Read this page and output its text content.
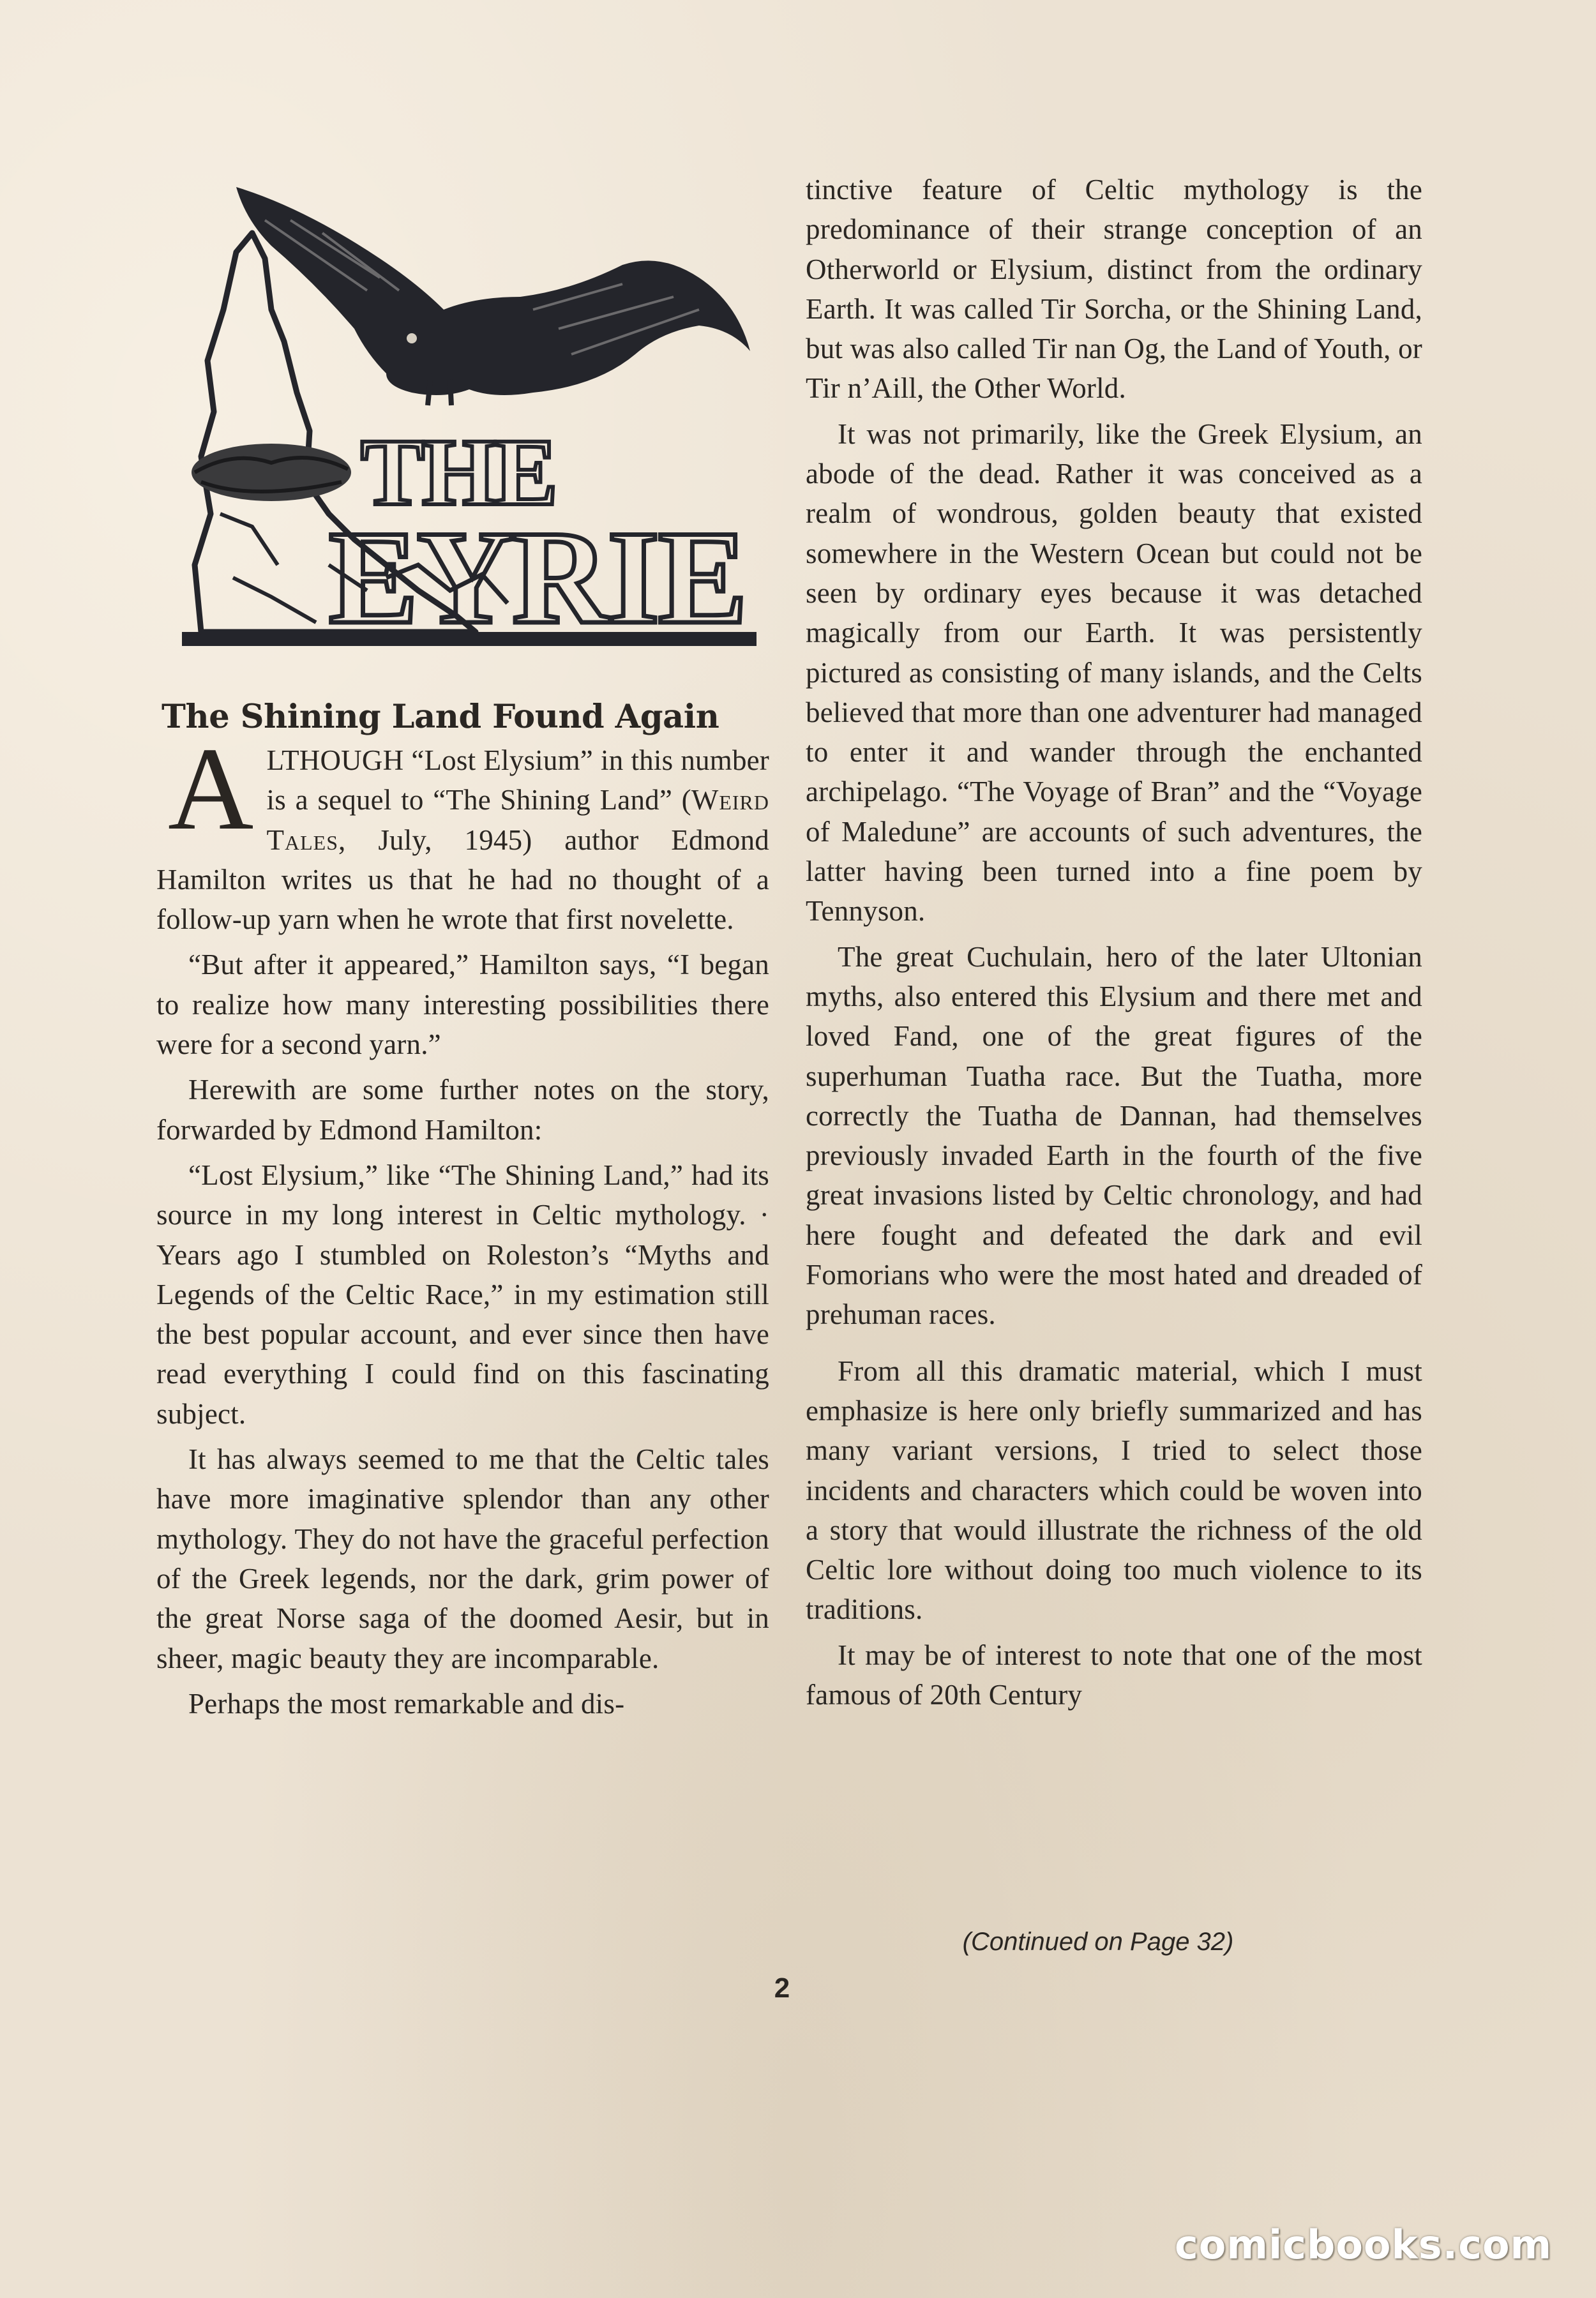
THE
EYRIE
The Shining Land Found Again

ALTHOUGH “Lost Elysium” in this number is a sequel to “The Shining Land” (Weird Tales, July, 1945) author Edmond Hamilton writes us that he had no thought of a follow-up yarn when he wrote that first novelette.

“But after it appeared,” Hamilton says, “I began to realize how many interesting possibilities there were for a second yarn.”

Herewith are some further notes on the story, forwarded by Edmond Hamilton:

“Lost Elysium,” like “The Shining Land,” had its source in my long interest in Celtic mythology. · Years ago I stumbled on Roleston’s “Myths and Legends of the Celtic Race,” in my estimation still the best popular account, and ever since then have read everything I could find on this fascinating subject.

It has always seemed to me that the Celtic tales have more imaginative splendor than any other mythology. They do not have the graceful perfection of the Greek legends, nor the dark, grim power of the great Norse saga of the doomed Aesir, but in sheer, magic beauty they are incomparable.

Perhaps the most remarkable and dis-

tinctive feature of Celtic mythology is the predominance of their strange conception of an Otherworld or Elysium, distinct from the ordinary Earth. It was called Tir Sorcha, or the Shining Land, but was also called Tir nan Og, the Land of Youth, or Tir n’Aill, the Other World.

It was not primarily, like the Greek Elysium, an abode of the dead. Rather it was conceived as a realm of wondrous, golden beauty that existed somewhere in the Western Ocean but could not be seen by ordinary eyes because it was detached magically from our Earth. It was persistently pictured as consisting of many islands, and the Celts believed that more than one adventurer had managed to enter it and wander through the enchanted archipelago. “The Voyage of Bran” and the “Voyage of Maledune” are accounts of such adventures, the latter having been turned into a fine poem by Tennyson.

The great Cuchulain, hero of the later Ultonian myths, also entered this Elysium and there met and loved Fand, one of the great figures of the superhuman Tuatha race. But the Tuatha, more correctly the Tuatha de Dannan, had themselves previously invaded Earth in the fourth of the five great invasions listed by Celtic chronology, and had here fought and defeated the dark and evil Fomorians who were the most hated and dreaded of prehuman races.

From all this dramatic material, which I must emphasize is here only briefly summarized and has many variant versions, I tried to select those incidents and characters which could be woven into a story that would illustrate the richness of the old Celtic lore without doing too much violence to its traditions.

It may be of interest to note that one of the most famous of 20th Century

(Continued on Page 32)
2
comicbooks.com
